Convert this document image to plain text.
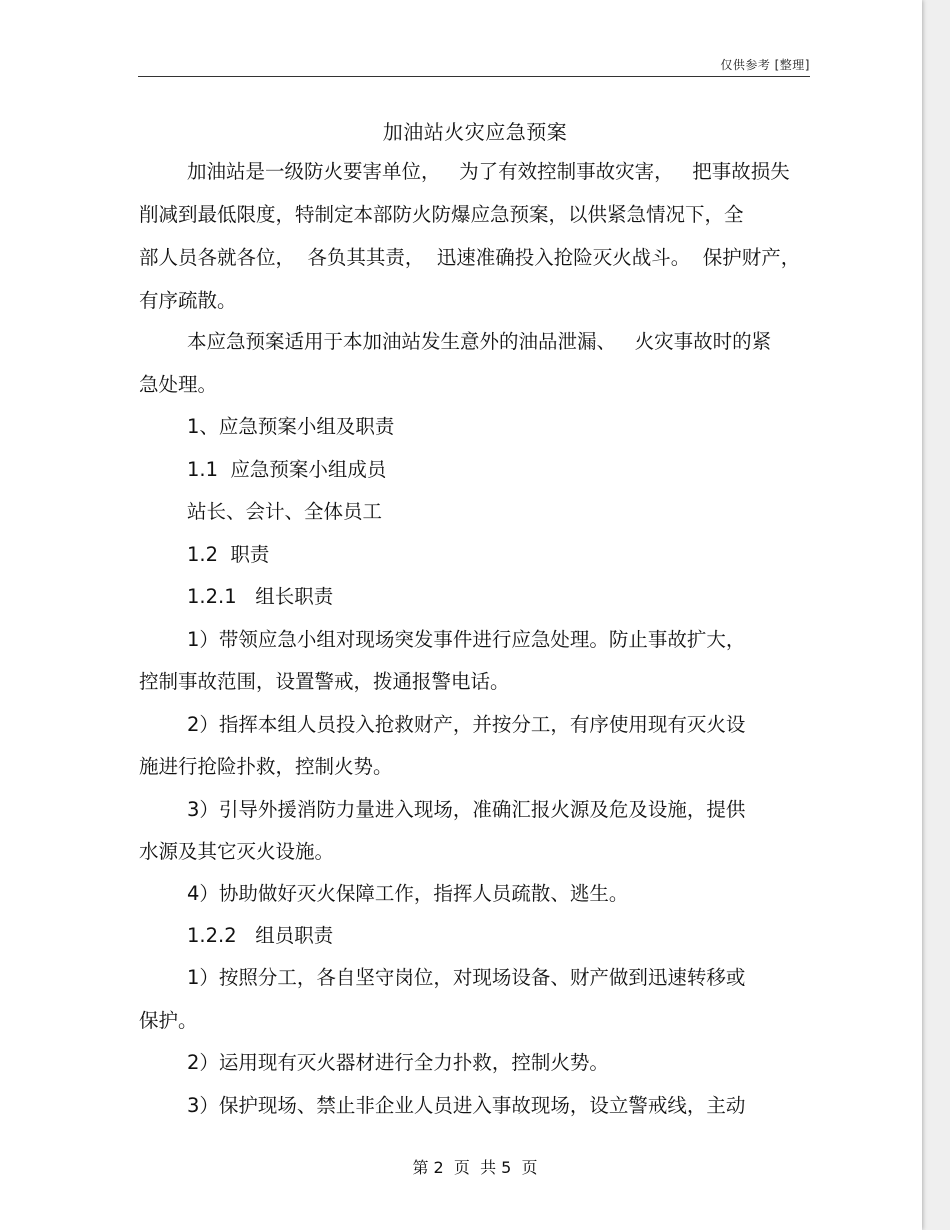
仅供参考 [整理]
加油站火灾应急预案
加油站是一级防火要害单位，   为了有效控制事故灾害，   把事故损失
削减到最低限度，特制定本部防火防爆应急预案，以供紧急情况下，全
部人员各就各位，  各负其其责，  迅速准确投入抢险灭火战斗。  保护财产，
有序疏散。
本应急预案适用于本加油站发生意外的油品泄漏、   火灾事故时的紧
急处理。
1、应急预案小组及职责
1.1  应急预案小组成员
站长、会计、全体员工
1.2  职责
1.2.1   组长职责
1）带领应急小组对现场突发事件进行应急处理。防止事故扩大，
控制事故范围，设置警戒，拨通报警电话。
2）指挥本组人员投入抢救财产，并按分工，有序使用现有灭火设
施进行抢险扑救，控制火势。
3）引导外援消防力量进入现场，准确汇报火源及危及设施，提供
水源及其它灭火设施。
4）协助做好灭火保障工作，指挥人员疏散、逃生。
1.2.2   组员职责
1）按照分工，各自坚守岗位，对现场设备、财产做到迅速转移或
保护。
2）运用现有灭火器材进行全力扑救，控制火势。
3）保护现场、禁止非企业人员进入事故现场，设立警戒线，主动
第 2  页  共 5  页
